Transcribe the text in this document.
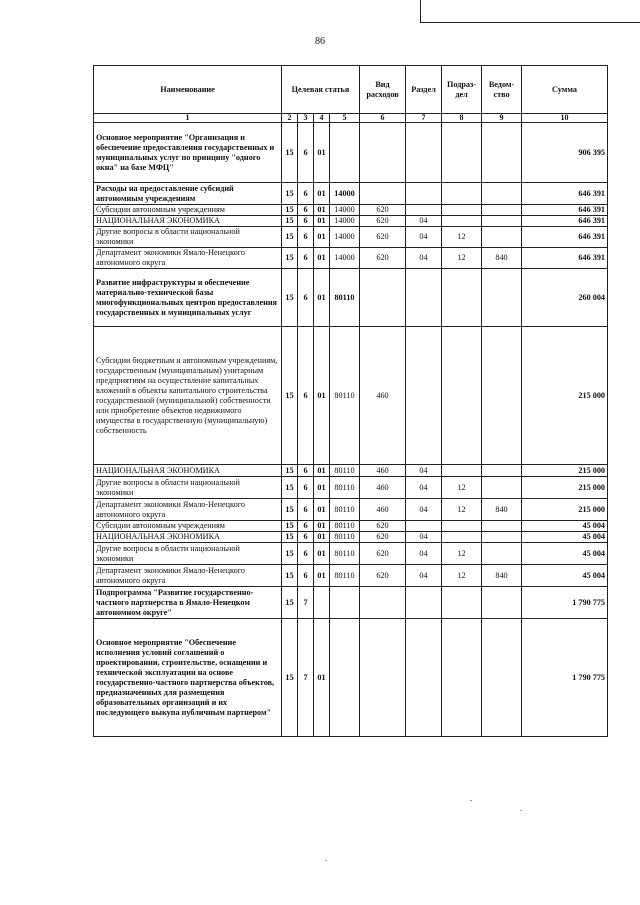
86
Наименование	Целевая статья				Вид расходов	Раздел	Подраз-дел	Ведом-ство	Сумма
1	2	3	4	5	6	7	8	9	10
Основное мероприятие "Организация и обеспечение предоставления государственных и муниципальных услуг по принципу "одного окна" на базе МФЦ"	15	6	01						906 395
Расходы на предоставление субсидий автономным учреждениям	15	6	01	14000					646 391
Субсидии автономным учреждениям	15	6	01	14000	620				646 391
НАЦИОНАЛЬНАЯ ЭКОНОМИКА	15	6	01	14000	620	04			646 391
Другие вопросы в области национальной экономики	15	6	01	14000	620	04	12		646 391
Департамент экономики Ямало-Ненецкого автономного округа	15	6	01	14000	620	04	12	840	646 391
Развитие инфраструктуры и обеспечение материально-технической базы многофункциональных центров предоставления государственных и муниципальных услуг	15	6	01	80110					260 004
Субсидии бюджетным и автономным учреждениям, государственным (муниципальным) унитарным предприятиям на осуществление капитальных вложений в объекты капитального строительства государственной (муниципальной) собственности или приобретение объектов недвижимого имущества в государственную (муниципальную) собственность	15	6	01	80110	460				215 000
НАЦИОНАЛЬНАЯ ЭКОНОМИКА	15	6	01	80110	460	04			215 000
Другие вопросы в области национальной экономики	15	6	01	80110	460	04	12		215 000
Департамент экономики Ямало-Ненецкого автономного округа	15	6	01	80110	460	04	12	840	215 000
Субсидии автономным учреждениям	15	6	01	80110	620				45 004
НАЦИОНАЛЬНАЯ ЭКОНОМИКА	15	6	01	80110	620	04			45 004
Другие вопросы в области национальной экономики	15	6	01	80110	620	04	12		45 004
Департамент экономики Ямало-Ненецкого автономного округа	15	6	01	80110	620	04	12	840	45 004
Подпрограмма "Развитие государственно-частного партнерства в Ямало-Ненецком автономном округе"	15	7							1 790 775
Основное мероприятие "Обеспечение исполнения условий соглашений о проектировании, строительстве, оснащении и технической эксплуатации на основе государственно-частного партнерства объектов, предназначенных для размещения образовательных организаций и их последующего выкупа публичным партнером"	15	7	01						1 790 775
